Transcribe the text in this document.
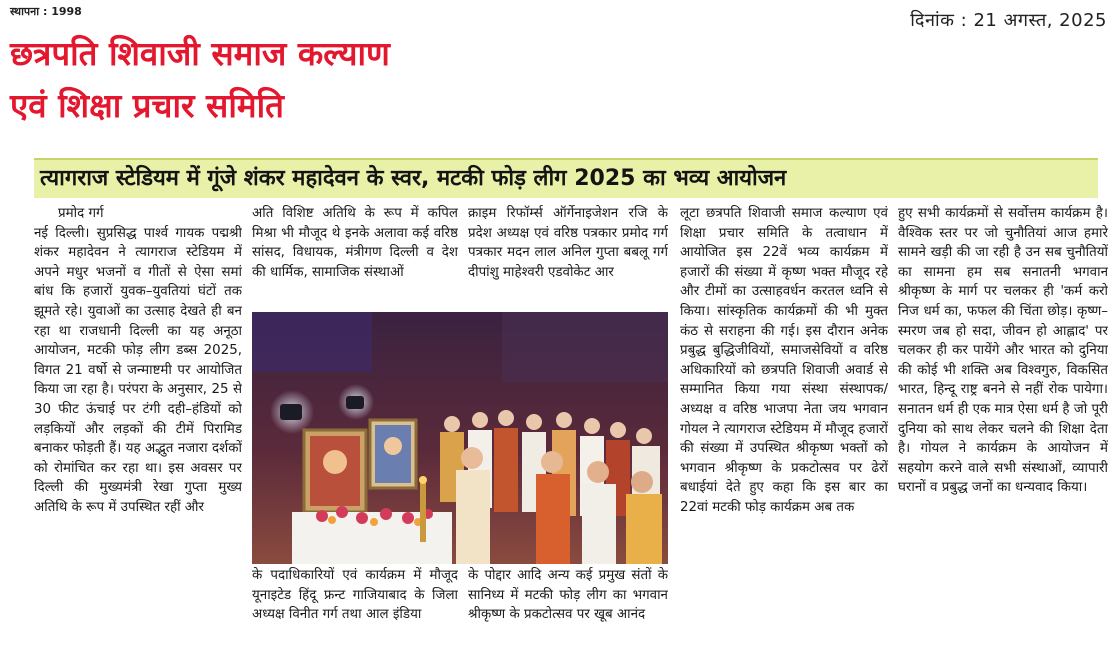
स्थापना : 1998	दिनांक : 21 अगस्त, 2025
छत्रपति शिवाजी समाज कल्याण
एवं शिक्षा प्रचार समिति
त्यागराज स्टेडियम में गूंजे शंकर महादेवन के स्वर, मटकी फोड़ लीग 2025 का भव्य आयोजन

प्रमोद गर्ग

नई दिल्ली। सुप्रसिद्ध पार्श्व गायक पद्मश्री शंकर महादेवन ने त्यागराज स्टेडियम में अपने मधुर भजनों व गीतों से ऐसा समां बांध कि हजारों युवक–युवतियां घंटों तक झूमते रहे। युवाओं का उत्साह देखते ही बन रहा था राजधानी दिल्ली का यह अनूठा आयोजन, मटकी फोड़ लीग डब्स 2025, विगत 21 वर्षो से जन्माष्टमी पर आयोजित किया जा रहा है। परंपरा के अनुसार, 25 से 30 फीट ऊंचाई पर टंगी दही–हंडियों को लड़कियों और लड़कों की टीमें पिरामिड बनाकर फोड़ती हैं। यह अद्भुत नजारा दर्शकों को रोमांचित कर रहा था। इस अवसर पर दिल्ली की मुख्यमंत्री रेखा गुप्ता मुख्य अतिथि के रूप में उपस्थित रहीं और

अति विशिष्ट अतिथि के रूप में कपिल मिश्रा भी मौजूद थे इनके अलावा कई वरिष्ठ सांसद, विधायक, मंत्रीगण दिल्ली व देश की धार्मिक, सामाजिक संस्थाओं

क्राइम रिफॉर्म्स ऑर्गेनाइजेशन रजि के प्रदेश अध्यक्ष एवं वरिष्ठ पत्रकार प्रमोद गर्ग पत्रकार मदन लाल अनिल गुप्ता बबलू गर्ग दीपांशु माहेश्वरी एडवोकेट आर

के पदाधिकारियों एवं कार्यक्रम में मौजूद यूनाइटेड हिंदू फ्रन्ट गाजियाबाद के जिला अध्यक्ष विनीत गर्ग तथा आल इंडिया

के पोद्दार आदि अन्य कई प्रमुख संतों के सानिध्य में मटकी फोड़ लीग का भगवान श्रीकृष्ण के प्रकटोत्सव पर खूब आनंद

लूटा छत्रपति शिवाजी समाज कल्याण एवं शिक्षा प्रचार समिति के तत्वाधान में आयोजित इस 22वें भव्य कार्यक्रम में हजारों की संख्या में कृष्ण भक्त मौजूद रहे और टीमों का उत्साहवर्धन करतल ध्वनि से किया। सांस्कृतिक कार्यक्रमों की भी मुक्त कंठ से सराहना की गई। इस दौरान अनेक प्रबुद्ध बुद्धिजीवियों, समाजसेवियों व वरिष्ठ अधिकारियों को छत्रपति शिवाजी अवार्ड से सम्मानित किया गया संस्था संस्थापक/अध्यक्ष व वरिष्ठ भाजपा नेता जय भगवान गोयल ने त्यागराज स्टेडियम में मौजूद हजारों की संख्या में उपस्थित श्रीकृष्ण भक्तों को भगवान श्रीकृष्ण के प्रकटोत्सव पर ढेरों बधाईयां देते हुए कहा कि इस बार का 22वां मटकी फोड़ कार्यक्रम अब तक

हुए सभी कार्यक्रमों से सर्वोत्तम कार्यक्रम है। वैश्विक स्तर पर जो चुनौतियां आज हमारे सामने खड़ी की जा रही है उन सब चुनौतियों का सामना हम सब सनातनी भगवान श्रीकृष्ण के मार्ग पर चलकर ही 'कर्म करो निज धर्म का, फफल की चिंता छोड़। कृष्ण–स्मरण जब हो सदा, जीवन हो आह्लाद' पर चलकर ही कर पायेंगे और भारत को दुनिया की कोई भी शक्ति अब विश्वगुरु, विकसित भारत, हिन्दू राष्ट्र बनने से नहीं रोक पायेगा। सनातन धर्म ही एक मात्र ऐसा धर्म है जो पूरी दुनिया को साथ लेकर चलने की शिक्षा देता है। गोयल ने कार्यक्रम के आयोजन में सहयोग करने वाले सभी संस्थाओं, व्यापारी घरानों व प्रबुद्ध जनों का धन्यवाद किया।
